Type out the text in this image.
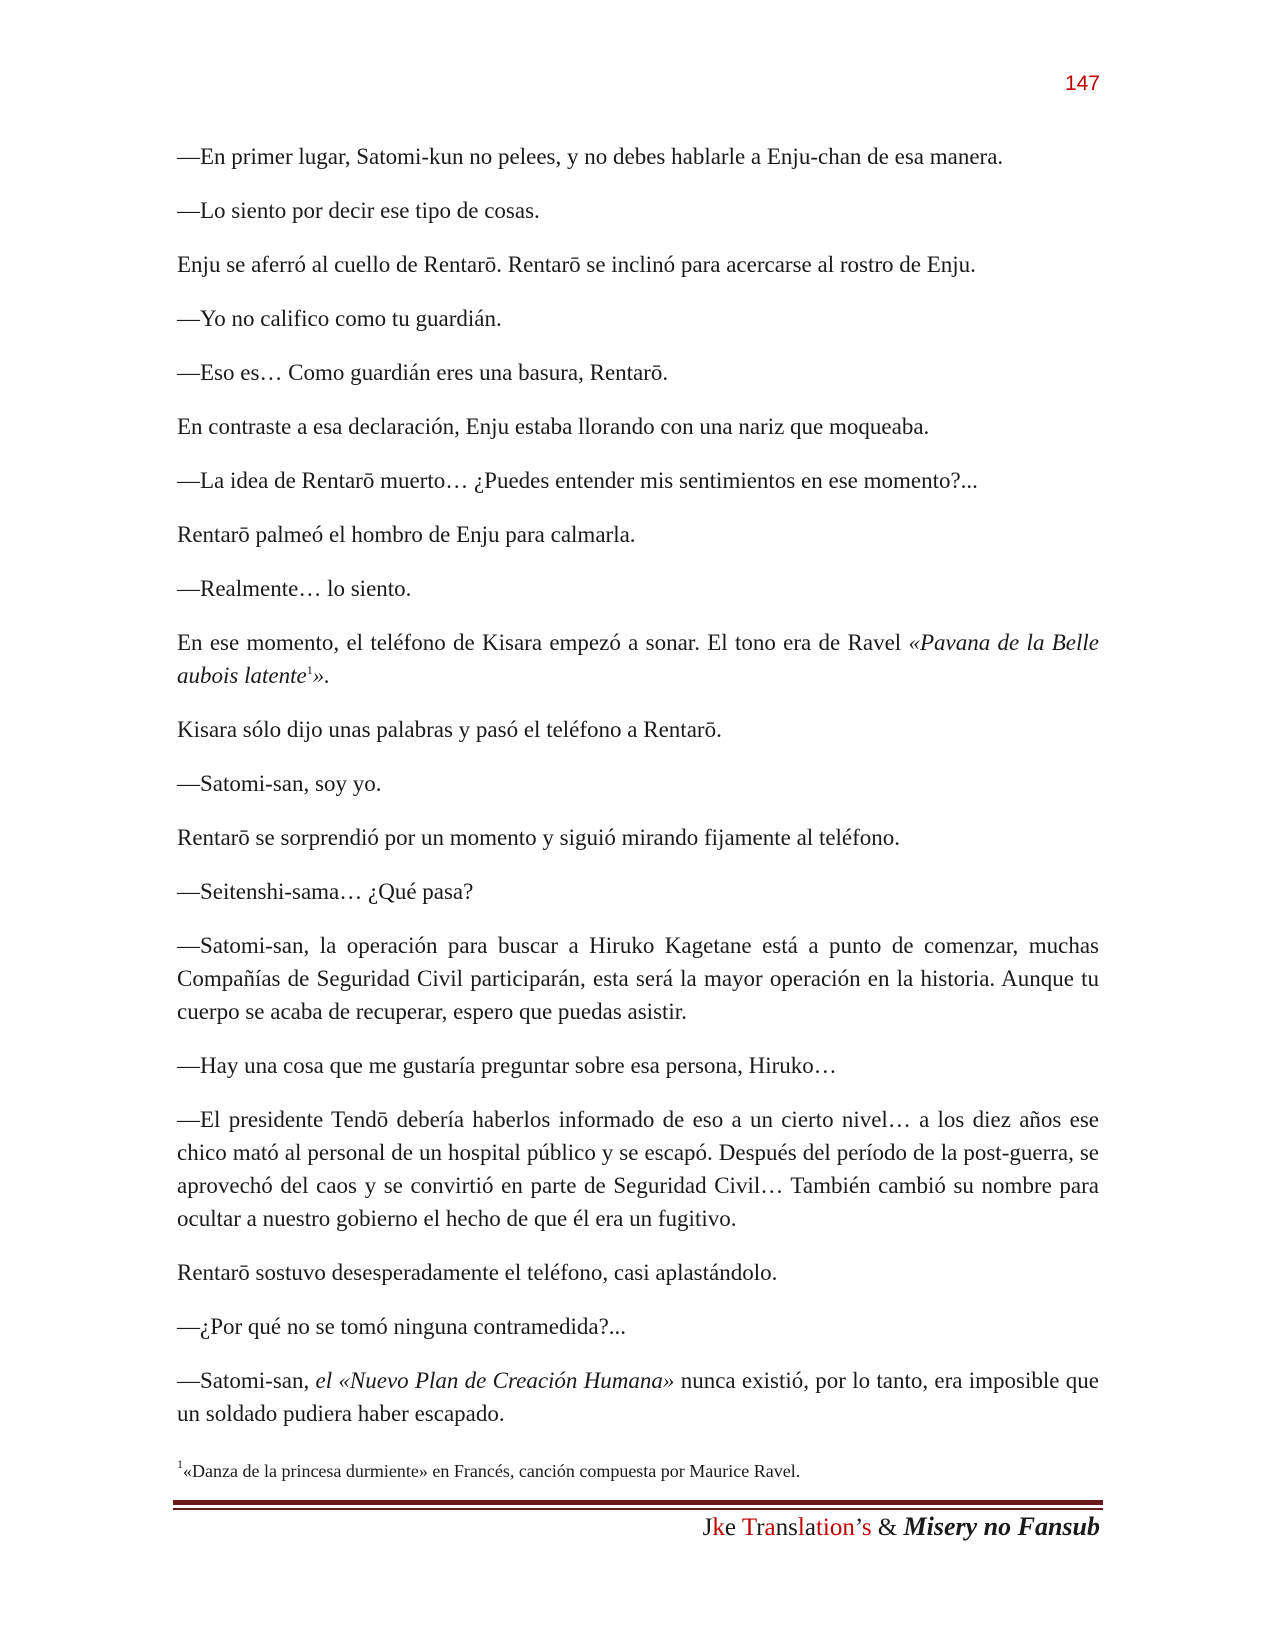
147

—En primer lugar, Satomi-kun no pelees, y no debes hablarle a Enju-chan de esa manera.

—Lo siento por decir ese tipo de cosas.

Enju se aferró al cuello de Rentarō. Rentarō se inclinó para acercarse al rostro de Enju.

—Yo no califico como tu guardián.

—Eso es… Como guardián eres una basura, Rentarō.

En contraste a esa declaración, Enju estaba llorando con una nariz que moqueaba.

—La idea de Rentarō muerto… ¿Puedes entender mis sentimientos en ese momento?...

Rentarō palmeó el hombro de Enju para calmarla.

—Realmente… lo siento.

En ese momento, el teléfono de Kisara empezó a sonar. El tono era de Ravel «Pavana de la Belle aubois latente$^1$».

Kisara sólo dijo unas palabras y pasó el teléfono a Rentarō.

—Satomi-san, soy yo.

Rentarō se sorprendió por un momento y siguió mirando fijamente al teléfono.

—Seitenshi-sama… ¿Qué pasa?

—Satomi-san, la operación para buscar a Hiruko Kagetane está a punto de comenzar, muchas Compañías de Seguridad Civil participarán, esta será la mayor operación en la historia. Aunque tu cuerpo se acaba de recuperar, espero que puedas asistir.

—Hay una cosa que me gustaría preguntar sobre esa persona, Hiruko…

—El presidente Tendō debería haberlos informado de eso a un cierto nivel… a los diez años ese chico mató al personal de un hospital público y se escapó. Después del período de la post-guerra, se aprovechó del caos y se convirtió en parte de Seguridad Civil… También cambió su nombre para ocultar a nuestro gobierno el hecho de que él era un fugitivo.

Rentarō sostuvo desesperadamente el teléfono, casi aplastándolo.

—¿Por qué no se tomó ninguna contramedida?...

—Satomi-san, el «Nuevo Plan de Creación Humana» nunca existió, por lo tanto, era imposible que un soldado pudiera haber escapado.

$^1$«Danza de la princesa durmiente» en Francés, canción compuesta por Maurice Ravel.
Jke Translation’s & Misery no Fansub
